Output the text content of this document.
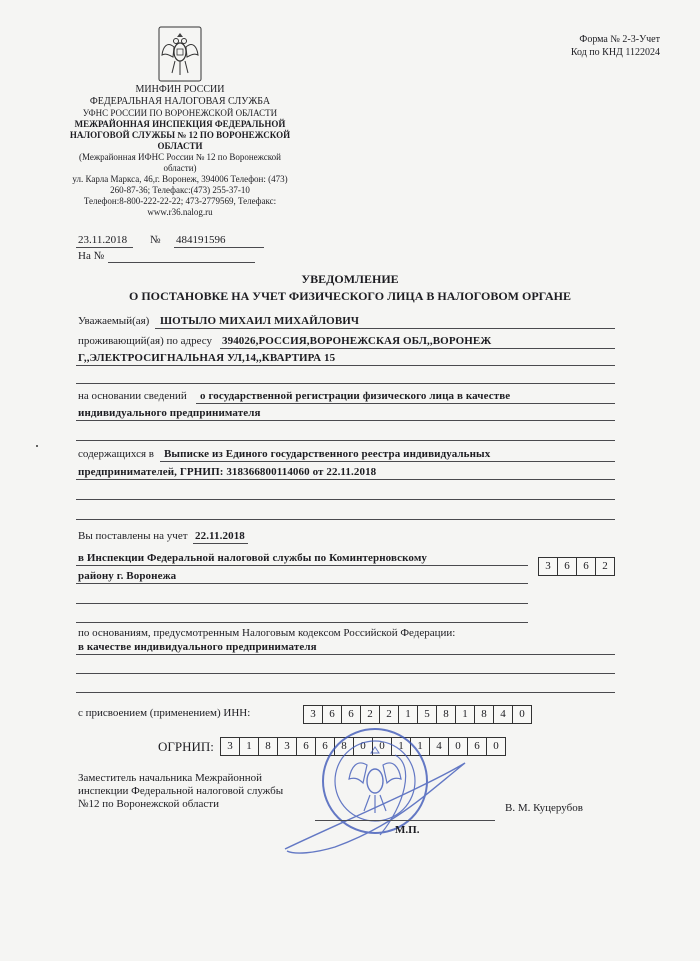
Форма № 2-3-Учет
Код по КНД 1122024
МИНФИН РОССИИ
ФЕДЕРАЛЬНАЯ НАЛОГОВАЯ СЛУЖБА
УФНС РОССИИ ПО ВОРОНЕЖСКОЙ ОБЛАСТИ
МЕЖРАЙОННАЯ ИНСПЕКЦИЯ ФЕДЕРАЛЬНОЙ
НАЛОГОВОЙ СЛУЖБЫ № 12 ПО ВОРОНЕЖСКОЙ
ОБЛАСТИ
(Межрайонная ИФНС России № 12 по Воронежской
области)
ул. Карла Маркса, 46,г. Воронеж, 394006 Телефон: (473)
260-87-36; Телефакс:(473) 255-37-10
Телефон:8-800-222-22-22; 473-2779569, Телефакс:
www.r36.nalog.ru
23.11.2018 № 484191596
На №
УВЕДОМЛЕНИЕ
О ПОСТАНОВКЕ НА УЧЕТ ФИЗИЧЕСКОГО ЛИЦА В НАЛОГОВОМ ОРГАНЕ
Уважаемый(ая) ШОТЫЛО МИХАИЛ МИХАЙЛОВИЧ
проживающий(ая) по адресу 394026,РОССИЯ,ВОРОНЕЖСКАЯ ОБЛ,,ВОРОНЕЖ
Г,,ЭЛЕКТРОСИГНАЛЬНАЯ УЛ,14,,КВАРТИРА 15
на основании сведений о государственной регистрации физического лица в качестве
индивидуального предпринимателя
содержащихся в Выписке из Единого государственного реестра индивидуальных
предпринимателей, ГРНИП: 318366800114060 от 22.11.2018
Вы поставлены на учет 22.11.2018
в Инспекции Федеральной налоговой службы по Коминтерновскому
району г. Воронежа
3	6	6	2
по основаниям, предусмотренным Налоговым кодексом Российской Федерации:
в качестве индивидуального предпринимателя
с присвоением (применением) ИНН:	3	6	6	2	2	1	5	8	1	8	4	0
ОГРНИП:	3	1	8	3	6	6	8	0	0	1	1	4	0	6	0
Заместитель начальника Межрайонной
инспекции Федеральной налоговой службы
№12 по Воронежской области	В. М. Куцерубов
М.П.
